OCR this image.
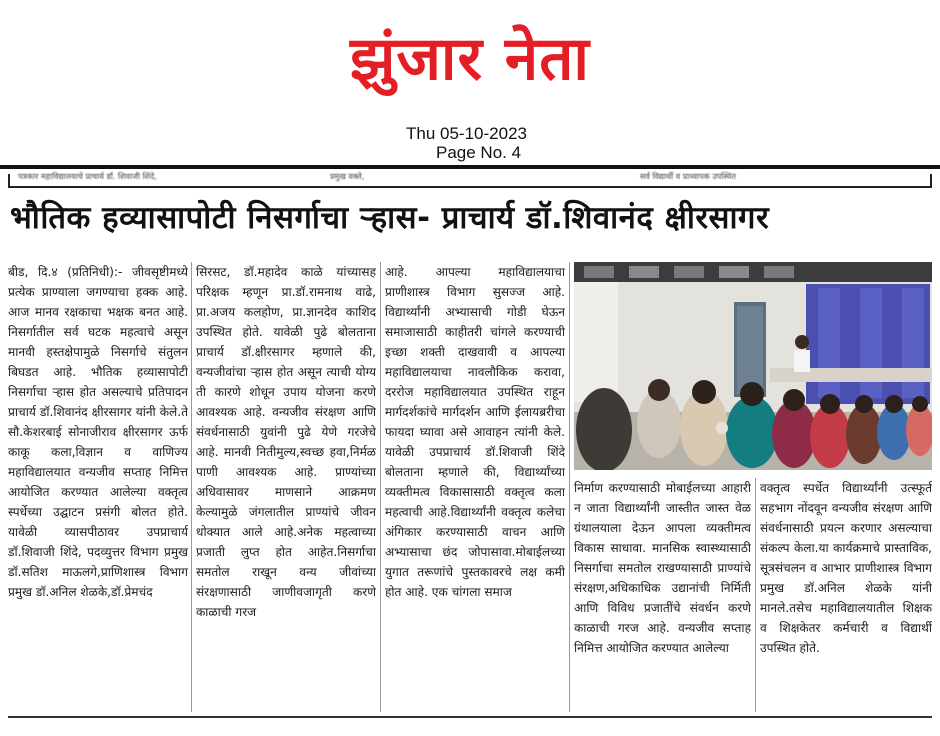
झुंजार नेता
Thu 05-10-2023
Page No. 4
पत्रकार महाविद्यालयाचे प्राचार्य डॉ. शिवाजी शिंदे,	प्रमुख वक्ते,	सर्व विद्यार्थी व प्राध्यापक उपस्थित
भौतिक हव्यासापोटी निसर्गाचा ऱ्हास- प्राचार्य डॉ.शिवानंद क्षीरसागर

बीड, दि.४ (प्रतिनिधी):- जीवसृष्टीमध्ये प्रत्येक प्राण्याला जगण्याचा हक्क आहे. आज मानव रक्षकाचा भक्षक बनत आहे. निसर्गातील सर्व घटक महत्वाचे असून मानवी हस्तक्षेपामुळे निसर्गाचे संतुलन बिघडत आहे. भौतिक हव्यासापोटी निसर्गाचा ऱ्हास होत असल्याचे प्रतिपादन प्राचार्य डॉ.शिवानंद क्षीरसागर यांनी केले.ते सौ.केशरबाई सोनाजीराव क्षीरसागर ऊर्फ काकू कला,विज्ञान व वाणिज्य महाविद्यालयात वन्यजीव सप्ताह निमित्त आयोजित करण्यात आलेल्या वक्तृत्व स्पर्धेच्या उद्घाटन प्रसंगी बोलत होते. यावेळी व्यासपीठावर उपप्राचार्य डॉ.शिवाजी शिंदे, पदव्युत्तर विभाग प्रमुख डॉ.सतिश माऊलगे,प्राणिशास्त्र विभाग प्रमुख डॉ.अनिल शेळके,डॉ.प्रेमचंद

सिरसट, डॉ.महादेव काळे यांच्यासह परिक्षक म्हणून प्रा.डॉ.रामनाथ वाढे, प्रा.अजय कलहोण, प्रा.ज्ञानदेव काशिद उपस्थित होते. यावेळी पुढे बोलताना प्राचार्य डॉ.क्षीरसागर म्हणाले की, वन्यजीवांचा ऱ्हास होत असून त्याची योग्य ती कारणे शोधून उपाय योजना करणे आवश्यक आहे. वन्यजीव संरक्षण आणि संवर्धनासाठी युवांनी पुढे येणे गरजेचे आहे. मानवी नितीमुल्य,स्वच्छ हवा,निर्मळ पाणी आवश्यक आहे. प्राण्यांच्या अधिवासावर माणसाने आक्रमण केल्यामुळे जंगलातील प्राण्यांचे जीवन धोक्यात आले आहे.अनेक महत्वाच्या प्रजाती लुप्त होत आहेत.निसर्गाचा समतोल राखून वन्य जीवांच्या संरक्षणासाठी जाणीवजागृती करणे काळाची गरज

आहे. आपल्या महाविद्यालयाचा प्राणीशास्त्र विभाग सुसज्ज आहे. विद्यार्थ्यांनी अभ्यासाची गोडी घेऊन समाजासाठी काहीतरी चांगले करण्याची इच्छा शक्ती दाखवावी व आपल्या महाविद्यालयाचा नावलौकिक करावा, दररोज महाविद्यालयात उपस्थित राहून मार्गदर्शकांचे मार्गदर्शन आणि ईलायब्ररीचा फायदा घ्यावा असे आवाहन त्यांनी केले. यावेळी उपप्राचार्य डॉ.शिवाजी शिंदे बोलताना म्हणाले की, विद्यार्थ्यांच्या व्यक्तीमत्व विकासासाठी वक्तृत्व कला महत्वाची आहे.विद्यार्थ्यांनी वक्तृत्व कलेचा अंगिकार करण्यासाठी वाचन आणि अभ्यासाचा छंद जोपासावा.मोबाईलच्या युगात तरूणांचे पुस्तकावरचे लक्ष कमी होत आहे. एक चांगला समाज

निर्माण करण्यासाठी मोबाईलच्या आहारी न जाता विद्यार्थ्यांनी जास्तीत जास्त वेळ ग्रंथालयाला देऊन आपला व्यक्तीमत्व विकास साधावा. मानसिक स्वास्थ्यासाठी निसर्गाचा समतोल राखण्यासाठी प्राण्यांचे संरक्षण,अधिकाधिक उद्यानांची निर्मिती आणि विविध प्रजातींचे संवर्धन करणे काळाची गरज आहे. वन्यजीव सप्ताह निमित्त आयोजित करण्यात आलेल्या

वक्तृत्व स्पर्धेत विद्यार्थ्यांनी उत्स्फूर्त सहभाग नोंदवून वन्यजीव संरक्षण आणि संवर्धनासाठी प्रयत्न करणार असल्याचा संकल्प केला.या कार्यक्रमाचे प्रास्ताविक, सूत्रसंचलन व आभार प्राणीशास्त्र विभाग प्रमुख डॉ.अनिल शेळके यांनी मानले.तसेच महाविद्यालयातील शिक्षक व शिक्षकेतर कर्मचारी व विद्यार्थी उपस्थित होते.
